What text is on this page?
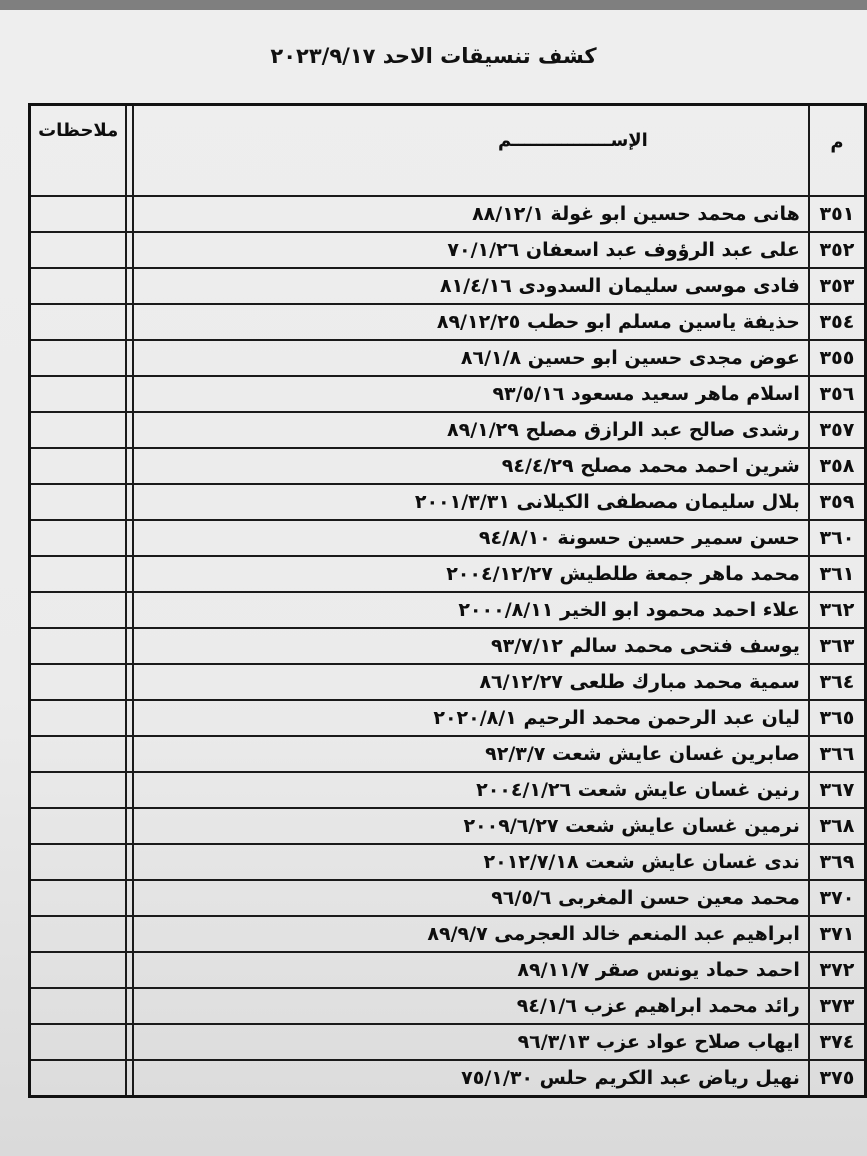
كشف تنسيقات الاحد ٢٠٢٣/٩/١٧
م	الإســــــــــــــــم		ملاحظات
٣٥١	هانى محمد حسين ابو غولة ٨٨/١٢/١		
٣٥٢	على عبد الرؤوف عبد اسعفان ٧٠/١/٢٦		
٣٥٣	فادى موسى سليمان السدودى ٨١/٤/١٦		
٣٥٤	حذيفة ياسين مسلم ابو حطب ٨٩/١٢/٢٥		
٣٥٥	عوض مجدى حسين ابو حسين ٨٦/١/٨		
٣٥٦	اسلام ماهر سعيد مسعود ٩٣/٥/١٦		
٣٥٧	رشدى صالح عبد الرازق مصلح ٨٩/١/٢٩		
٣٥٨	شرين احمد محمد مصلح ٩٤/٤/٢٩		
٣٥٩	بلال سليمان مصطفى الكيلانى ٢٠٠١/٣/٣١		
٣٦٠	حسن سمير حسين حسونة ٩٤/٨/١٠		
٣٦١	محمد ماهر جمعة طلطيش ٢٠٠٤/١٢/٢٧		
٣٦٢	علاء احمد محمود ابو الخير ٢٠٠٠/٨/١١		
٣٦٣	يوسف فتحى محمد سالم ٩٣/٧/١٢		
٣٦٤	سمية محمد مبارك طلعى ٨٦/١٢/٢٧		
٣٦٥	ليان عبد الرحمن محمد الرحيم ٢٠٢٠/٨/١		
٣٦٦	صابرين غسان عايش شعت ٩٢/٣/٧		
٣٦٧	رنين غسان عايش شعت ٢٠٠٤/١/٢٦		
٣٦٨	نرمين غسان عايش شعت ٢٠٠٩/٦/٢٧		
٣٦٩	ندى غسان عايش شعت ٢٠١٢/٧/١٨		
٣٧٠	محمد معين حسن المغربى ٩٦/٥/٦		
٣٧١	ابراهيم عبد المنعم خالد العجرمى ٨٩/٩/٧		
٣٧٢	احمد حماد يونس صقر ٨٩/١١/٧		
٣٧٣	رائد محمد ابراهيم عزب ٩٤/١/٦		
٣٧٤	ايهاب صلاح عواد عزب ٩٦/٣/١٣		
٣٧٥	نهيل رياض عبد الكريم حلس ٧٥/١/٣٠		
